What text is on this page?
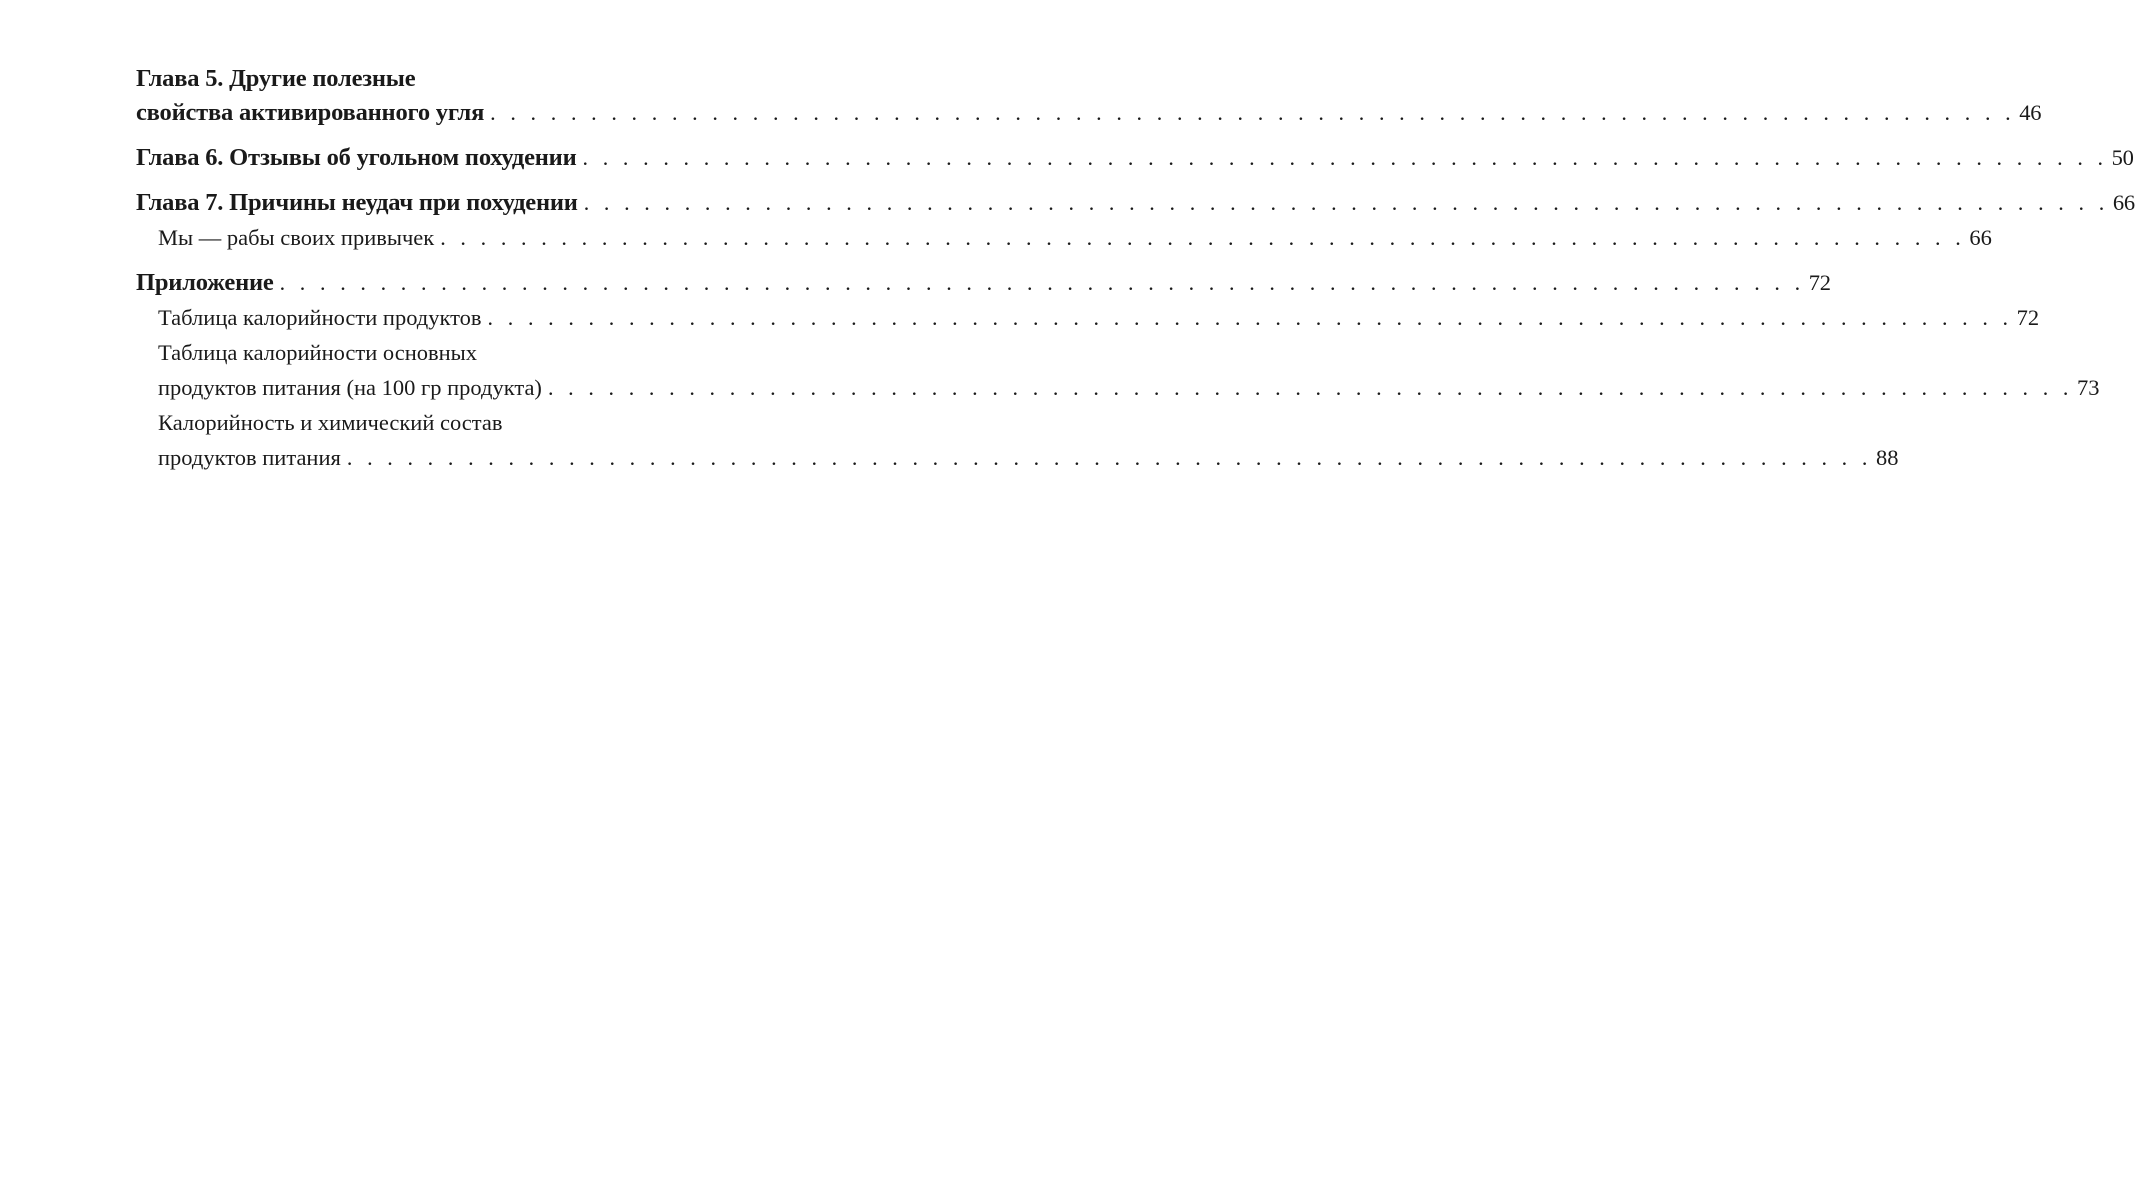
Глава 5. Другие полезные
свойства активированного угля . . . . . . . . . . . . . . . . . . . . . . . . . . . . . . . . . . . . . . . . . . . . . . . . . . . . . . . . . . . . . . . . . . . . . . . . . . . . 46
Глава 6. Отзывы об угольном похудении . . . . . . . . . . . . . . . . . . . . . . . . . . . . . . . . . . . . . . . . . . . . . . . . . . . . . . . . . . . . . . . . . . . . . . . . . . . . 50
Глава 7. Причины неудач при похудении . . . . . . . . . . . . . . . . . . . . . . . . . . . . . . . . . . . . . . . . . . . . . . . . . . . . . . . . . . . . . . . . . . . . . . . . . . . . 66
Мы — рабы своих привычек . . . . . . . . . . . . . . . . . . . . . . . . . . . . . . . . . . . . . . . . . . . . . . . . . . . . . . . . . . . . . . . . . . . . . . . . . . . . 66
Приложение . . . . . . . . . . . . . . . . . . . . . . . . . . . . . . . . . . . . . . . . . . . . . . . . . . . . . . . . . . . . . . . . . . . . . . . . . . . . 72
Таблица калорийности продуктов . . . . . . . . . . . . . . . . . . . . . . . . . . . . . . . . . . . . . . . . . . . . . . . . . . . . . . . . . . . . . . . . . . . . . . . . . . . . 72
Таблица калорийности основных
продуктов питания (на 100 гр продукта) . . . . . . . . . . . . . . . . . . . . . . . . . . . . . . . . . . . . . . . . . . . . . . . . . . . . . . . . . . . . . . . . . . . . . . . . . . . . 73
Калорийность и химический состав
продуктов питания . . . . . . . . . . . . . . . . . . . . . . . . . . . . . . . . . . . . . . . . . . . . . . . . . . . . . . . . . . . . . . . . . . . . . . . . . . . . 88
